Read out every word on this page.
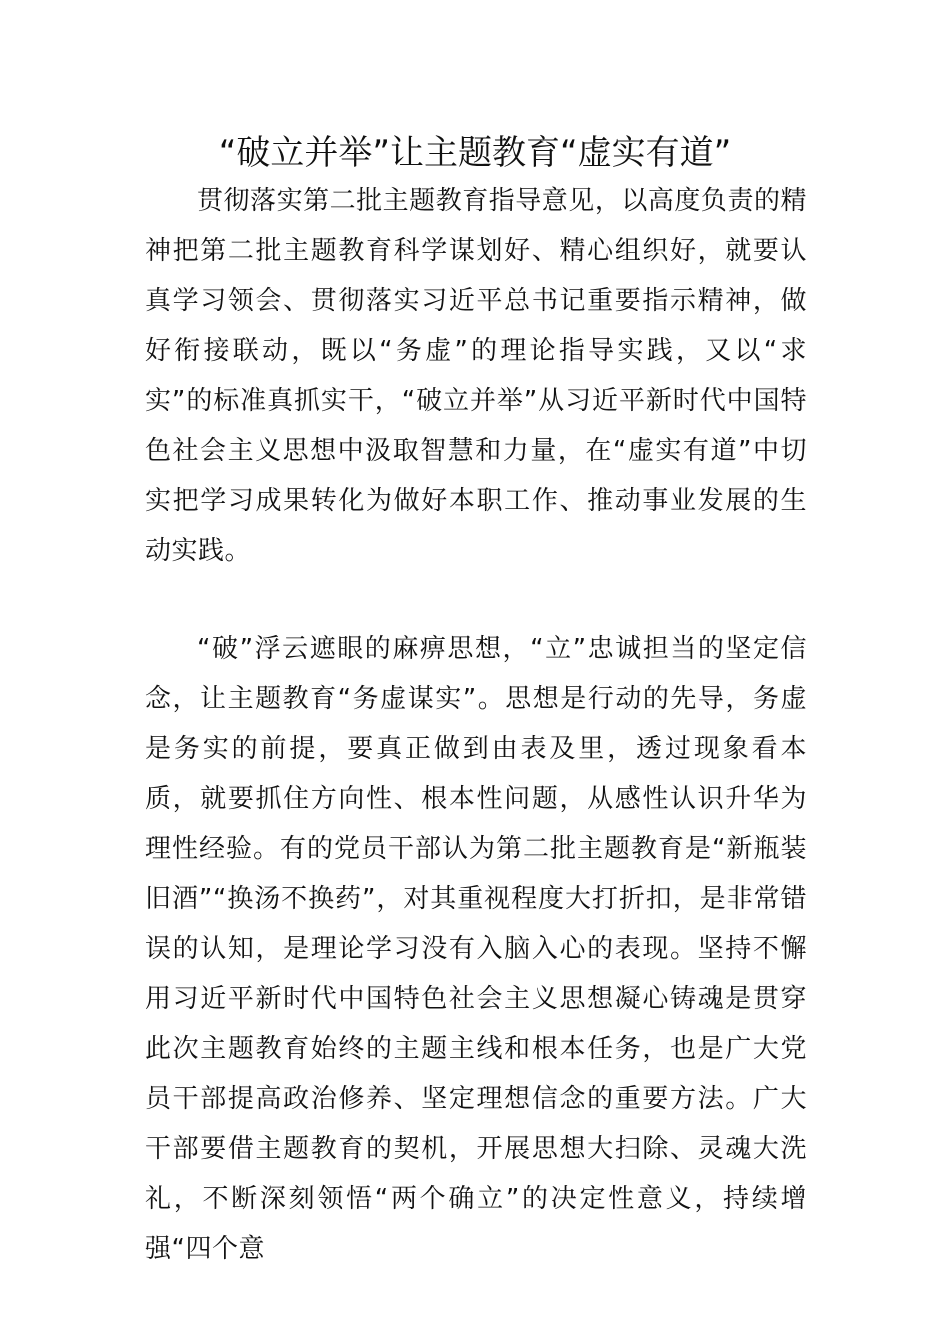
“破立并举”让主题教育“虚实有道”

贯彻落实第二批主题教育指导意见，以高度负责的精神把第二批主题教育科学谋划好、精心组织好，就要认真学习领会、贯彻落实习近平总书记重要指示精神，做好衔接联动，既以“务虚”的理论指导实践，又以“求实”的标准真抓实干，“破立并举”从习近平新时代中国特色社会主义思想中汲取智慧和力量，在“虚实有道”中切实把学习成果转化为做好本职工作、推动事业发展的生动实践。

“破”浮云遮眼的麻痹思想，“立”忠诚担当的坚定信念，让主题教育“务虚谋实”。思想是行动的先导，务虚是务实的前提，要真正做到由表及里，透过现象看本质，就要抓住方向性、根本性问题，从感性认识升华为理性经验。有的党员干部认为第二批主题教育是“新瓶装旧酒”“换汤不换药”，对其重视程度大打折扣，是非常错误的认知，是理论学习没有入脑入心的表现。坚持不懈用习近平新时代中国特色社会主义思想凝心铸魂是贯穿此次主题教育始终的主题主线和根本任务，也是广大党员干部提高政治修养、坚定理想信念的重要方法。广大干部要借主题教育的契机，开展思想大扫除、灵魂大洗礼，不断深刻领悟“两个确立”的决定性意义，持续增强“四个意
